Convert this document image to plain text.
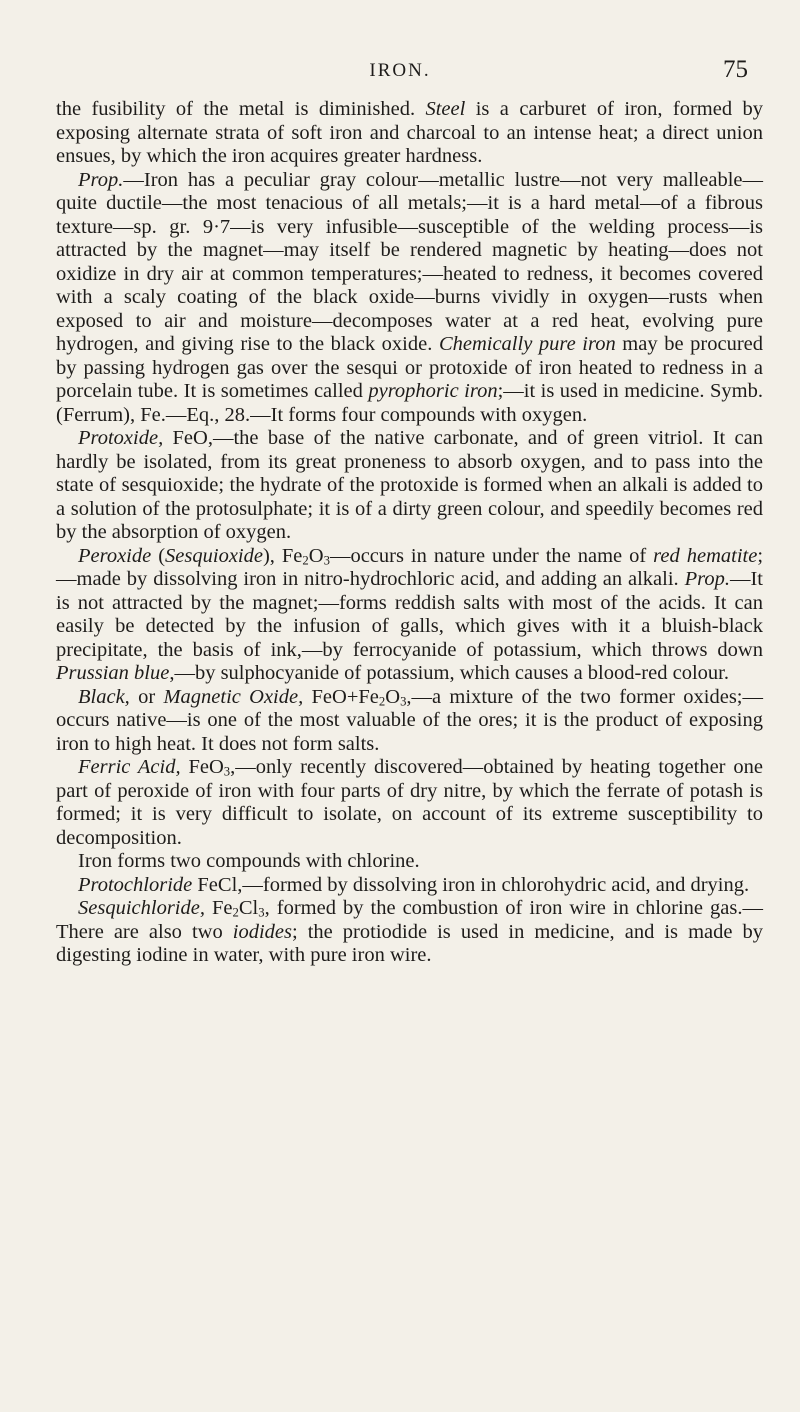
IRON.	75

the fusibility of the metal is diminished. Steel is a carburet of iron, formed by exposing alternate strata of soft iron and charcoal to an intense heat; a direct union ensues, by which the iron acquires greater hardness.

Prop.—Iron has a peculiar gray colour—metallic lustre—not very malleable—quite ductile—the most tenacious of all metals;—it is a hard metal—of a fibrous texture—sp. gr. 9·7—is very infusible—susceptible of the welding process—is attracted by the magnet—may itself be rendered magnetic by heating—does not oxidize in dry air at common temperatures;—heated to redness, it becomes covered with a scaly coating of the black oxide—burns vividly in oxygen—rusts when exposed to air and moisture—decomposes water at a red heat, evolving pure hydrogen, and giving rise to the black oxide. Chemically pure iron may be procured by passing hydrogen gas over the sesqui or protoxide of iron heated to redness in a porcelain tube. It is sometimes called pyrophoric iron;—it is used in medicine. Symb. (Ferrum), Fe.—Eq., 28.—It forms four compounds with oxygen.

Protoxide, FeO,—the base of the native carbonate, and of green vitriol. It can hardly be isolated, from its great proneness to absorb oxygen, and to pass into the state of sesquioxide; the hydrate of the protoxide is formed when an alkali is added to a solution of the protosulphate; it is of a dirty green colour, and speedily becomes red by the absorption of oxygen.

Peroxide (Sesquioxide), $Fe_2O_3—occurs$ in nature under the name of red hematite;—made by dissolving iron in nitro-hydrochloric acid, and adding an alkali. Prop.—It is not attracted by the magnet;—forms reddish salts with most of the acids. It can easily be detected by the infusion of galls, which gives with it a bluish-black precipitate, the basis of ink,—by ferrocyanide of potassium, which throws down Prussian blue,—by sulphocyanide of potassium, which causes a blood-red colour.

Black, or Magnetic Oxide, $FeO+Fe_2O_3,—a$ mixture of the two former oxides;—occurs native—is one of the most valuable of the ores; it is the product of exposing iron to high heat. It does not form salts.

Ferric Acid, FeO$_3$,—only recently discovered—obtained by heating together one part of peroxide of iron with four parts of dry nitre, by which the ferrate of potash is formed; it is very difficult to isolate, on account of its extreme susceptibility to decomposition.

Iron forms two compounds with chlorine.

Protochloride FeCl,—formed by dissolving iron in chlorohydric acid, and drying.

Sesquichloride, $Fe_2Cl_3$, formed by the combustion of iron wire in chlorine gas.—There are also two iodides; the protiodide is used in medicine, and is made by digesting iodine in water, with pure iron wire.
